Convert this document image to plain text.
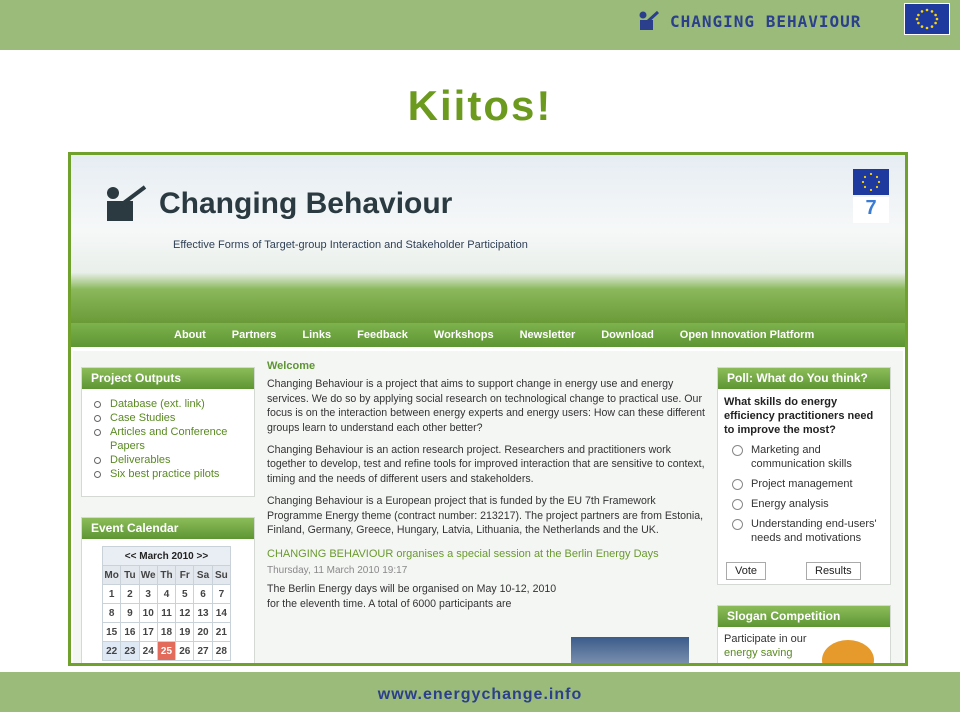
CHANGING BEHAVIOUR
Kiitos!
Changing Behaviour
Effective Forms of Target-group Interaction and Stakeholder Participation
7
About	Partners	Links	Feedback	Workshops	Newsletter	Download	Open Innovation Platform
Project Outputs
Database (ext. link)
Case Studies
Articles and Conference Papers
Deliverables
Six best practice pilots
Event Calendar
<< March 2010 >>						
Mo	Tu	We	Th	Fr	Sa	Su
1	2	3	4	5	6	7
8	9	10	11	12	13	14
15	16	17	18	19	20	21
22	23	24	25	26	27	28
Welcome

Changing Behaviour is a project that aims to support change in energy use and energy services. We do so by applying social research on technological change to practical use. Our focus is on the interaction between energy experts and energy users: How can these different groups learn to understand each other better?

Changing Behaviour is an action research project. Researchers and practitioners work together to develop, test and refine tools for improved interaction that are sensitive to context, timing and the needs of different users and stakeholders.

Changing Behaviour is a European project that is funded by the EU 7th Framework Programme Energy theme (contract number: 213217). The project partners are from Estonia, Finland, Germany, Greece, Hungary, Latvia, Lithuania, the Netherlands and the UK.

CHANGING BEHAVIOUR organises a special session at the Berlin Energy Days
Thursday, 11 March 2010 19:17

The Berlin Energy days will be organised on May 10-12, 2010 for the eleventh time. A total of 6000 participants are

Poll: What do You think?
What skills do energy efficiency practitioners need to improve the most?
Marketing and communication skills
Project management
Energy analysis
Understanding end-users' needs and motivations
Vote	Results
Slogan Competition
Participate in our
energy saving
www.energychange.info
